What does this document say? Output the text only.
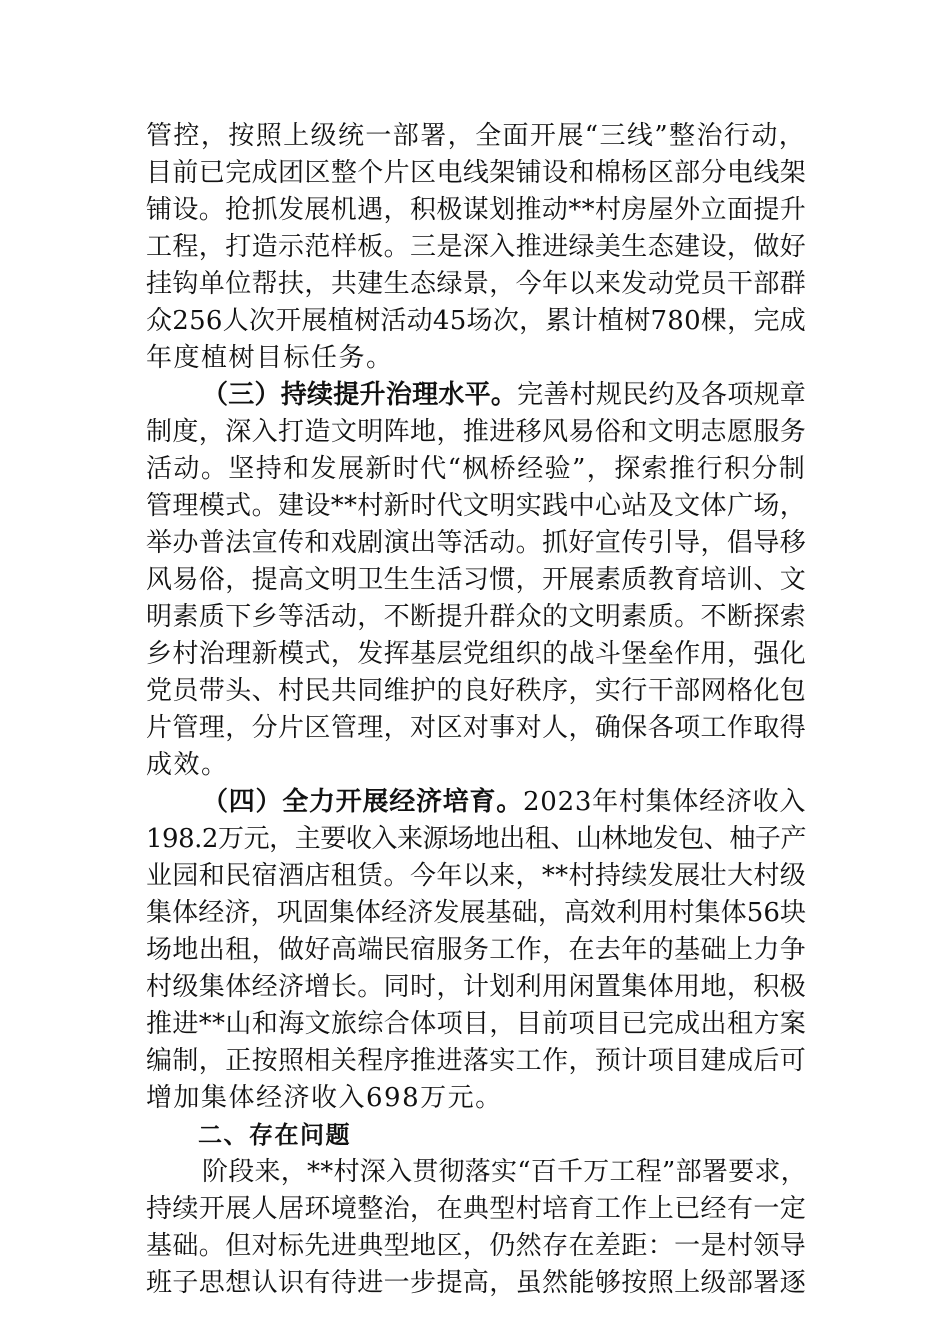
管控，按照上级统一部署，全面开展“三线”整治行动，
目前已完成团区整个片区电线架铺设和棉杨区部分电线架
铺设。抢抓发展机遇，积极谋划推动**村房屋外立面提升
工程，打造示范样板。三是深入推进绿美生态建设，做好
挂钩单位帮扶，共建生态绿景，今年以来发动党员干部群
众256人次开展植树活动45场次，累计植树780棵，完成
年度植树目标任务。
（三）持续提升治理水平。完善村规民约及各项规章
制度，深入打造文明阵地，推进移风易俗和文明志愿服务
活动。坚持和发展新时代“枫桥经验”，探索推行积分制
管理模式。建设**村新时代文明实践中心站及文体广场，
举办普法宣传和戏剧演出等活动。抓好宣传引导，倡导移
风易俗，提高文明卫生生活习惯，开展素质教育培训、文
明素质下乡等活动，不断提升群众的文明素质。不断探索
乡村治理新模式，发挥基层党组织的战斗堡垒作用，强化
党员带头、村民共同维护的良好秩序，实行干部网格化包
片管理，分片区管理，对区对事对人，确保各项工作取得
成效。
（四）全力开展经济培育。2023年村集体经济收入
198.2万元，主要收入来源场地出租、山林地发包、柚子产
业园和民宿酒店租赁。今年以来，**村持续发展壮大村级
集体经济，巩固集体经济发展基础，高效利用村集体56块
场地出租，做好高端民宿服务工作，在去年的基础上力争
村级集体经济增长。同时，计划利用闲置集体用地，积极
推进**山和海文旅综合体项目，目前项目已完成出租方案
编制，正按照相关程序推进落实工作，预计项目建成后可
增加集体经济收入698万元。
二、存在问题
阶段来，**村深入贯彻落实“百千万工程”部署要求，
持续开展人居环境整治，在典型村培育工作上已经有一定
基础。但对标先进典型地区，仍然存在差距：一是村领导
班子思想认识有待进一步提高，虽然能够按照上级部署逐
